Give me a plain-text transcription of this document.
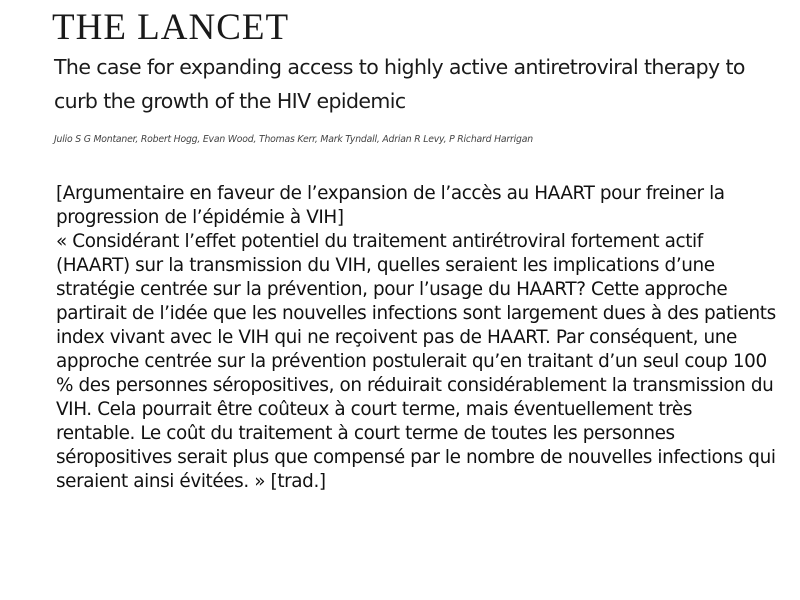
THE LANCET
The case for expanding access to highly active antiretroviral therapy to curb the growth of the HIV epidemic
Julio S G Montaner, Robert Hogg, Evan Wood, Thomas Kerr, Mark Tyndall, Adrian R Levy, P Richard Harrigan

[Argumentaire en faveur de l’expansion de l’accès au HAART pour freiner la progression de l’épidémie à VIH]

« Considérant l’effet potentiel du traitement antirétroviral fortement actif (HAART) sur la transmission du VIH, quelles seraient les implications d’une stratégie centrée sur la prévention, pour l’usage du HAART? Cette approche partirait de l’idée que les nouvelles infections sont largement dues à des patients index vivant avec le VIH qui ne reçoivent pas de HAART. Par conséquent, une approche centrée sur la prévention postulerait qu’en traitant d’un seul coup 100 % des personnes séropositives, on réduirait considérablement la transmission du VIH. Cela pourrait être coûteux à court terme, mais éventuellement très rentable. Le coût du traitement à court terme de toutes les personnes séropositives serait plus que compensé par le nombre de nouvelles infections qui seraient ainsi évitées. » [trad.]
